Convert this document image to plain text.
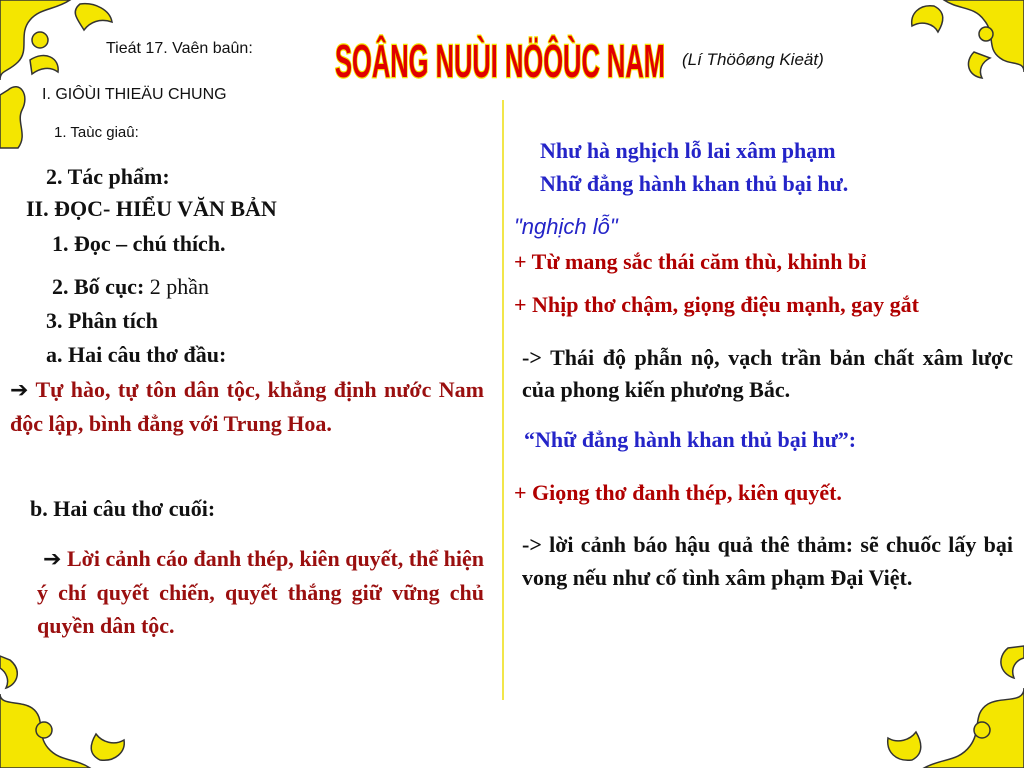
Tieát 17. Vaên baûn: SOÂNG NUÙI NÖÔÙC NAM (Lí Thöôøng Kieät)
I. GIÔÙI THIEÄU CHUNG
1. Taùc giaû:
2. Tác phẩm:
II. ĐỌC- HIỂU VĂN BẢN
1. Đọc – chú thích.
2. Bố cục: 2 phần
3. Phân tích
a. Hai câu thơ đầu:
➔ Tự hào, tự tôn dân tộc, khẳng định nước Nam độc lập, bình đẳng với Trung Hoa.
b. Hai câu thơ cuối:
➔ Lời cảnh cáo đanh thép, kiên quyết, thể hiện ý chí quyết chiến, quyết thắng giữ vững chủ quyền dân tộc.
Như hà nghịch lỗ lai xâm phạm
Nhữ đẳng hành khan thủ bại hư.
"nghịch lỗ"
+ Từ mang sắc thái căm thù, khinh bỉ
+ Nhịp thơ chậm, giọng điệu mạnh, gay gắt
-> Thái độ phẫn nộ, vạch trần bản chất xâm lược của phong kiến phương Bắc.
“Nhữ đẳng hành khan thủ bại hư”:
+ Giọng thơ đanh thép, kiên quyết.
-> lời cảnh báo hậu quả thê thảm: sẽ chuốc lấy bại vong nếu như cố tình xâm phạm Đại Việt.
